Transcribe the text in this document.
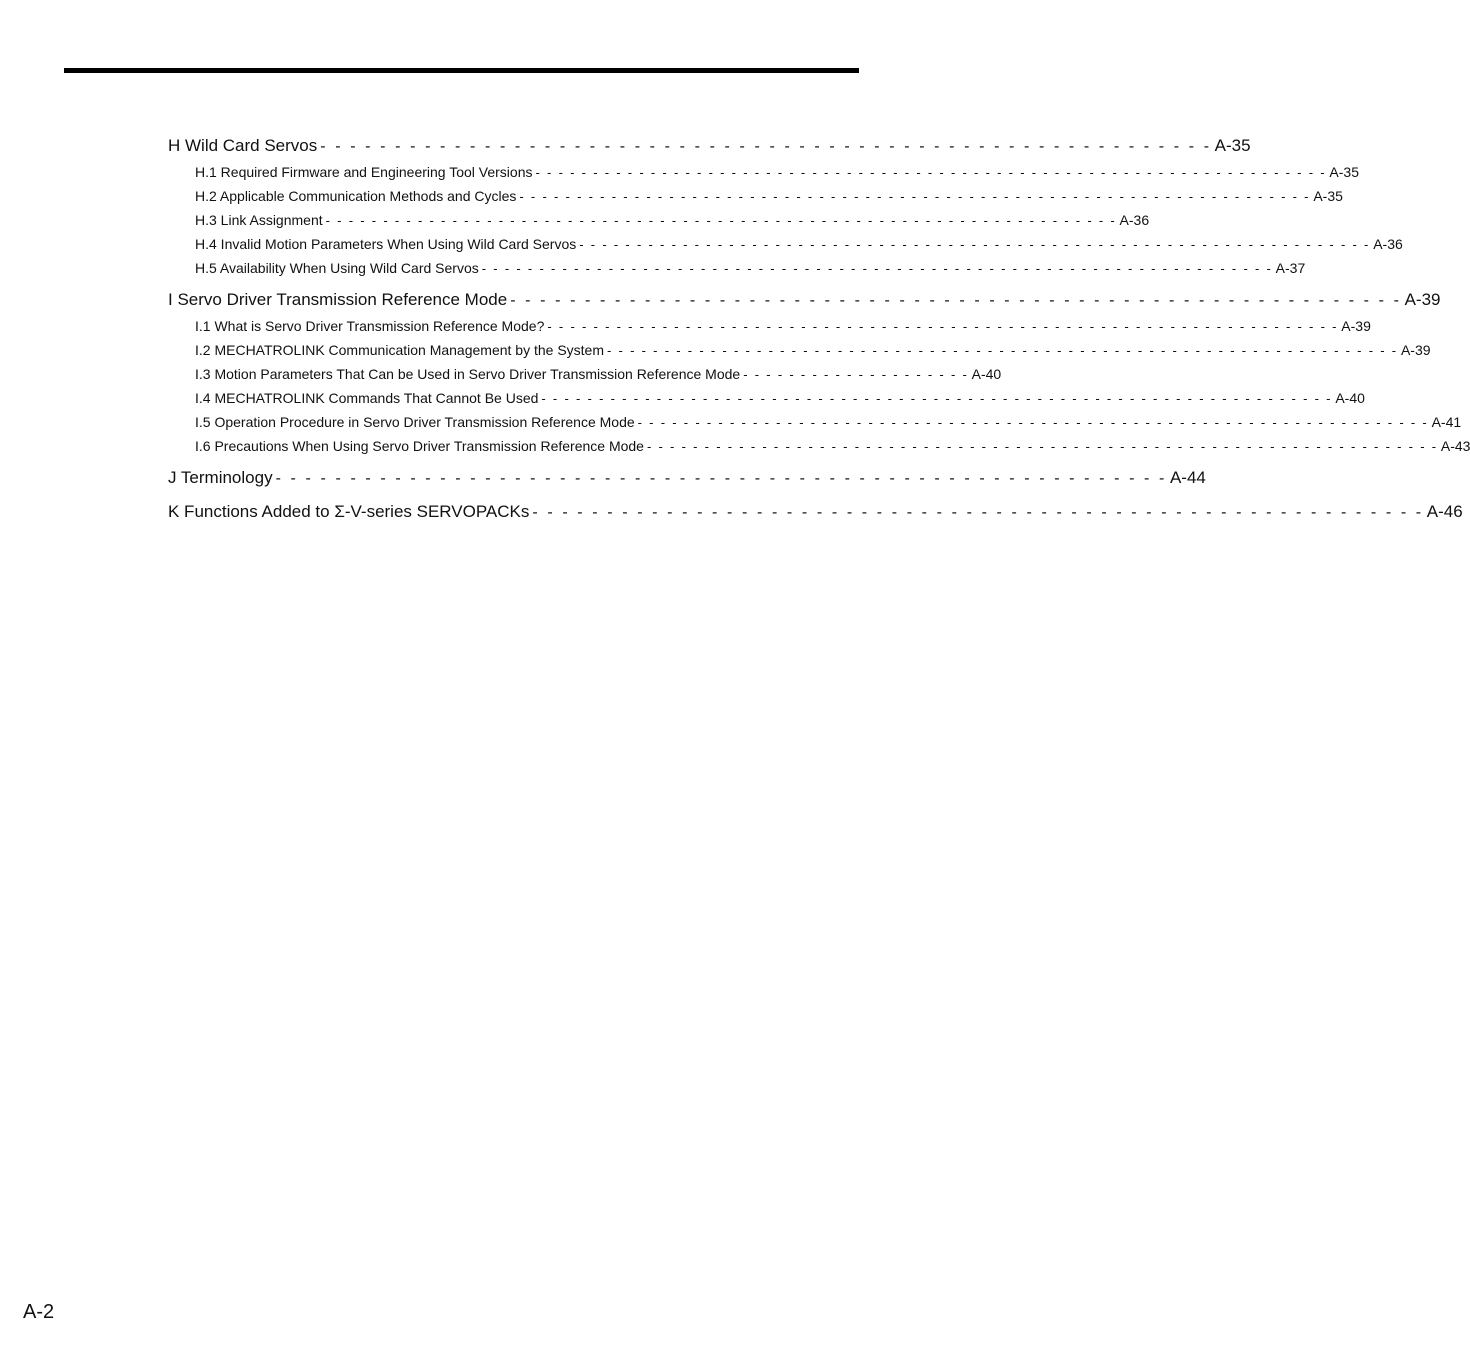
H Wild Card Servos - - - - - - - - - - - - - - - - - - - - - - - - - - - - - - - - - - - - - - - - - - - - - - - - - - - - - - - - - - - - A-35
H.1 Required Firmware and Engineering Tool Versions - - - - - - - - - - - - - - - - - - - - - - - - - - - - - - - - - - - - - - - - - - - - - - - - - - - - - - - - - - - - - - - - - - - - - A-35
H.2 Applicable Communication Methods and Cycles - - - - - - - - - - - - - - - - - - - - - - - - - - - - - - - - - - - - - - - - - - - - - - - - - - - - - - - - - - - - - - - - - - - - - A-35
H.3 Link Assignment - - - - - - - - - - - - - - - - - - - - - - - - - - - - - - - - - - - - - - - - - - - - - - - - - - - - - - - - - - - - - - - - - - - - - A-36
H.4 Invalid Motion Parameters When Using Wild Card Servos - - - - - - - - - - - - - - - - - - - - - - - - - - - - - - - - - - - - - - - - - - - - - - - - - - - - - - - - - - - - - - - - - - - - - A-36
H.5 Availability When Using Wild Card Servos - - - - - - - - - - - - - - - - - - - - - - - - - - - - - - - - - - - - - - - - - - - - - - - - - - - - - - - - - - - - - - - - - - - - - A-37
I Servo Driver Transmission Reference Mode - - - - - - - - - - - - - - - - - - - - - - - - - - - - - - - - - - - - - - - - - - - - - - - - - - - - - - - - - - - - A-39
I.1 What is Servo Driver Transmission Reference Mode? - - - - - - - - - - - - - - - - - - - - - - - - - - - - - - - - - - - - - - - - - - - - - - - - - - - - - - - - - - - - - - - - - - - - - A-39
I.2 MECHATROLINK Communication Management by the System - - - - - - - - - - - - - - - - - - - - - - - - - - - - - - - - - - - - - - - - - - - - - - - - - - - - - - - - - - - - - - - - - - - - - A-39
I.3 Motion Parameters That Can be Used in Servo Driver Transmission Reference Mode - - - - - - - - - - - - - - - - - - - - A-40
I.4 MECHATROLINK Commands That Cannot Be Used - - - - - - - - - - - - - - - - - - - - - - - - - - - - - - - - - - - - - - - - - - - - - - - - - - - - - - - - - - - - - - - - - - - - - A-40
I.5 Operation Procedure in Servo Driver Transmission Reference Mode - - - - - - - - - - - - - - - - - - - - - - - - - - - - - - - - - - - - - - - - - - - - - - - - - - - - - - - - - - - - - - - - - - - - - A-41
I.6 Precautions When Using Servo Driver Transmission Reference Mode - - - - - - - - - - - - - - - - - - - - - - - - - - - - - - - - - - - - - - - - - - - - - - - - - - - - - - - - - - - - - - - - - - - - - A-43
J Terminology - - - - - - - - - - - - - - - - - - - - - - - - - - - - - - - - - - - - - - - - - - - - - - - - - - - - - - - - - - - - A-44
K Functions Added to Σ-V-series SERVOPACKs - - - - - - - - - - - - - - - - - - - - - - - - - - - - - - - - - - - - - - - - - - - - - - - - - - - - - - - - - - - - A-46
A-2
